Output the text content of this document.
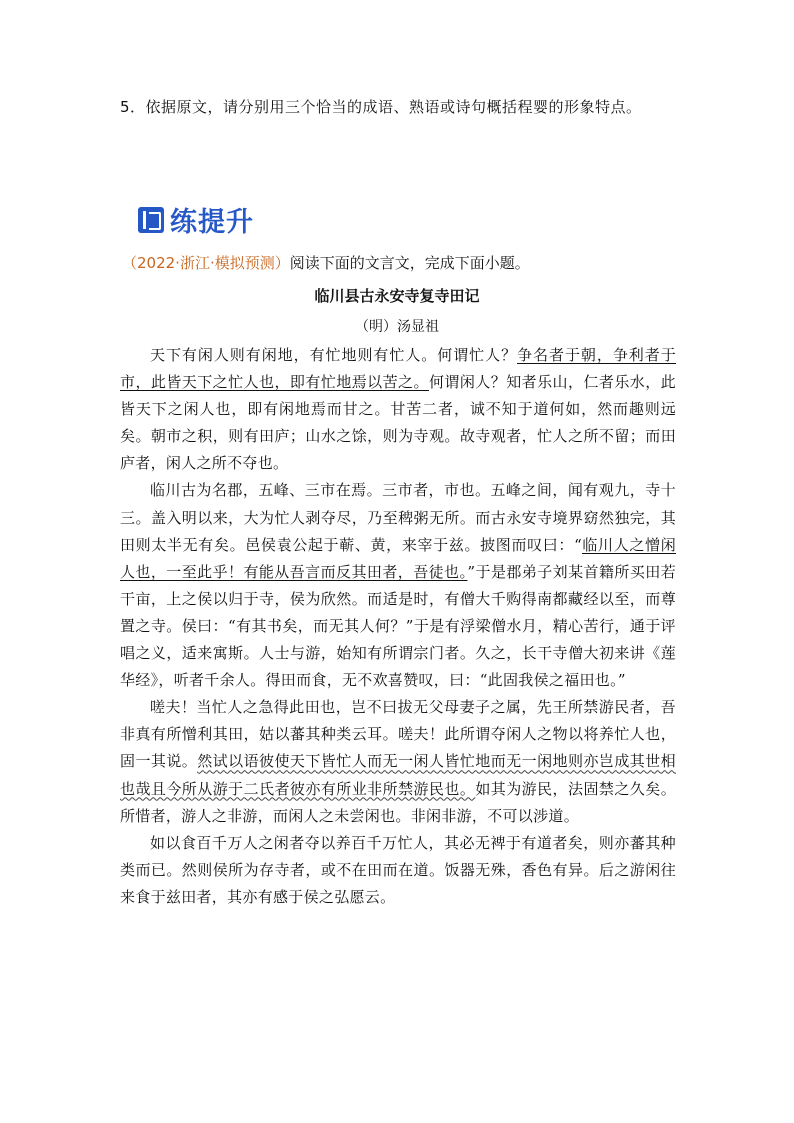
5．依据原文，请分别用三个恰当的成语、熟语或诗句概括程婴的形象特点。
练提升
（2022·浙江·模拟预测）阅读下面的文言文，完成下面小题。
临川县古永安寺复寺田记
（明）汤显祖

天下有闲人则有闲地，有忙地则有忙人。何谓忙人？争名者于朝，争利者于市，此皆天下之忙人也，即有忙地焉以苦之。何谓闲人？知者乐山，仁者乐水，此皆天下之闲人也，即有闲地焉而甘之。甘苦二者，诚不知于道何如，然而趣则远矣。朝市之积，则有田庐；山水之馀，则为寺观。故寺观者，忙人之所不留；而田庐者，闲人之所不夺也。

临川古为名郡，五峰、三市在焉。三市者，市也。五峰之间，闻有观九，寺十三。盖入明以来，大为忙人剥夺尽，乃至稗粥无所。而古永安寺境界窈然独完，其田则太半无有矣。邑侯袁公起于蕲、黄，来宰于兹。披图而叹曰：“临川人之憎闲人也，一至此乎！有能从吾言而反其田者，吾徒也。”于是郡弟子刘某首籍所买田若干亩，上之侯以归于寺，侯为欣然。而适是时，有僧大千购得南都藏经以至，而尊置之寺。侯曰：“有其书矣，而无其人何？”于是有浮梁僧水月，精心苦行，通于评唱之义，适来寓斯。人士与游，始知有所谓宗门者。久之，长干寺僧大初来讲《莲华经》，听者千余人。得田而食，无不欢喜赞叹，曰：“此固我侯之福田也。”

嗟夫！当忙人之急得此田也，岂不曰拔无父母妻子之属，先王所禁游民者，吾非真有所憎利其田，姑以蕃其种类云耳。嗟夫！此所谓夺闲人之物以将养忙人也，固一其说。然试以语彼使天下皆忙人而无一闲人皆忙地而无一闲地则亦岂成其世相也哉且今所从游于二氏者彼亦有所业非所禁游民也。如其为游民，法固禁之久矣。所惜者，游人之非游，而闲人之未尝闲也。非闲非游，不可以涉道。

如以食百千万人之闲者夺以养百千万忙人，其必无裨于有道者矣，则亦蕃其种类而已。然则侯所为存寺者，或不在田而在道。饭器无殊，香色有异。后之游闲往来食于兹田者，其亦有感于侯之弘愿云。
